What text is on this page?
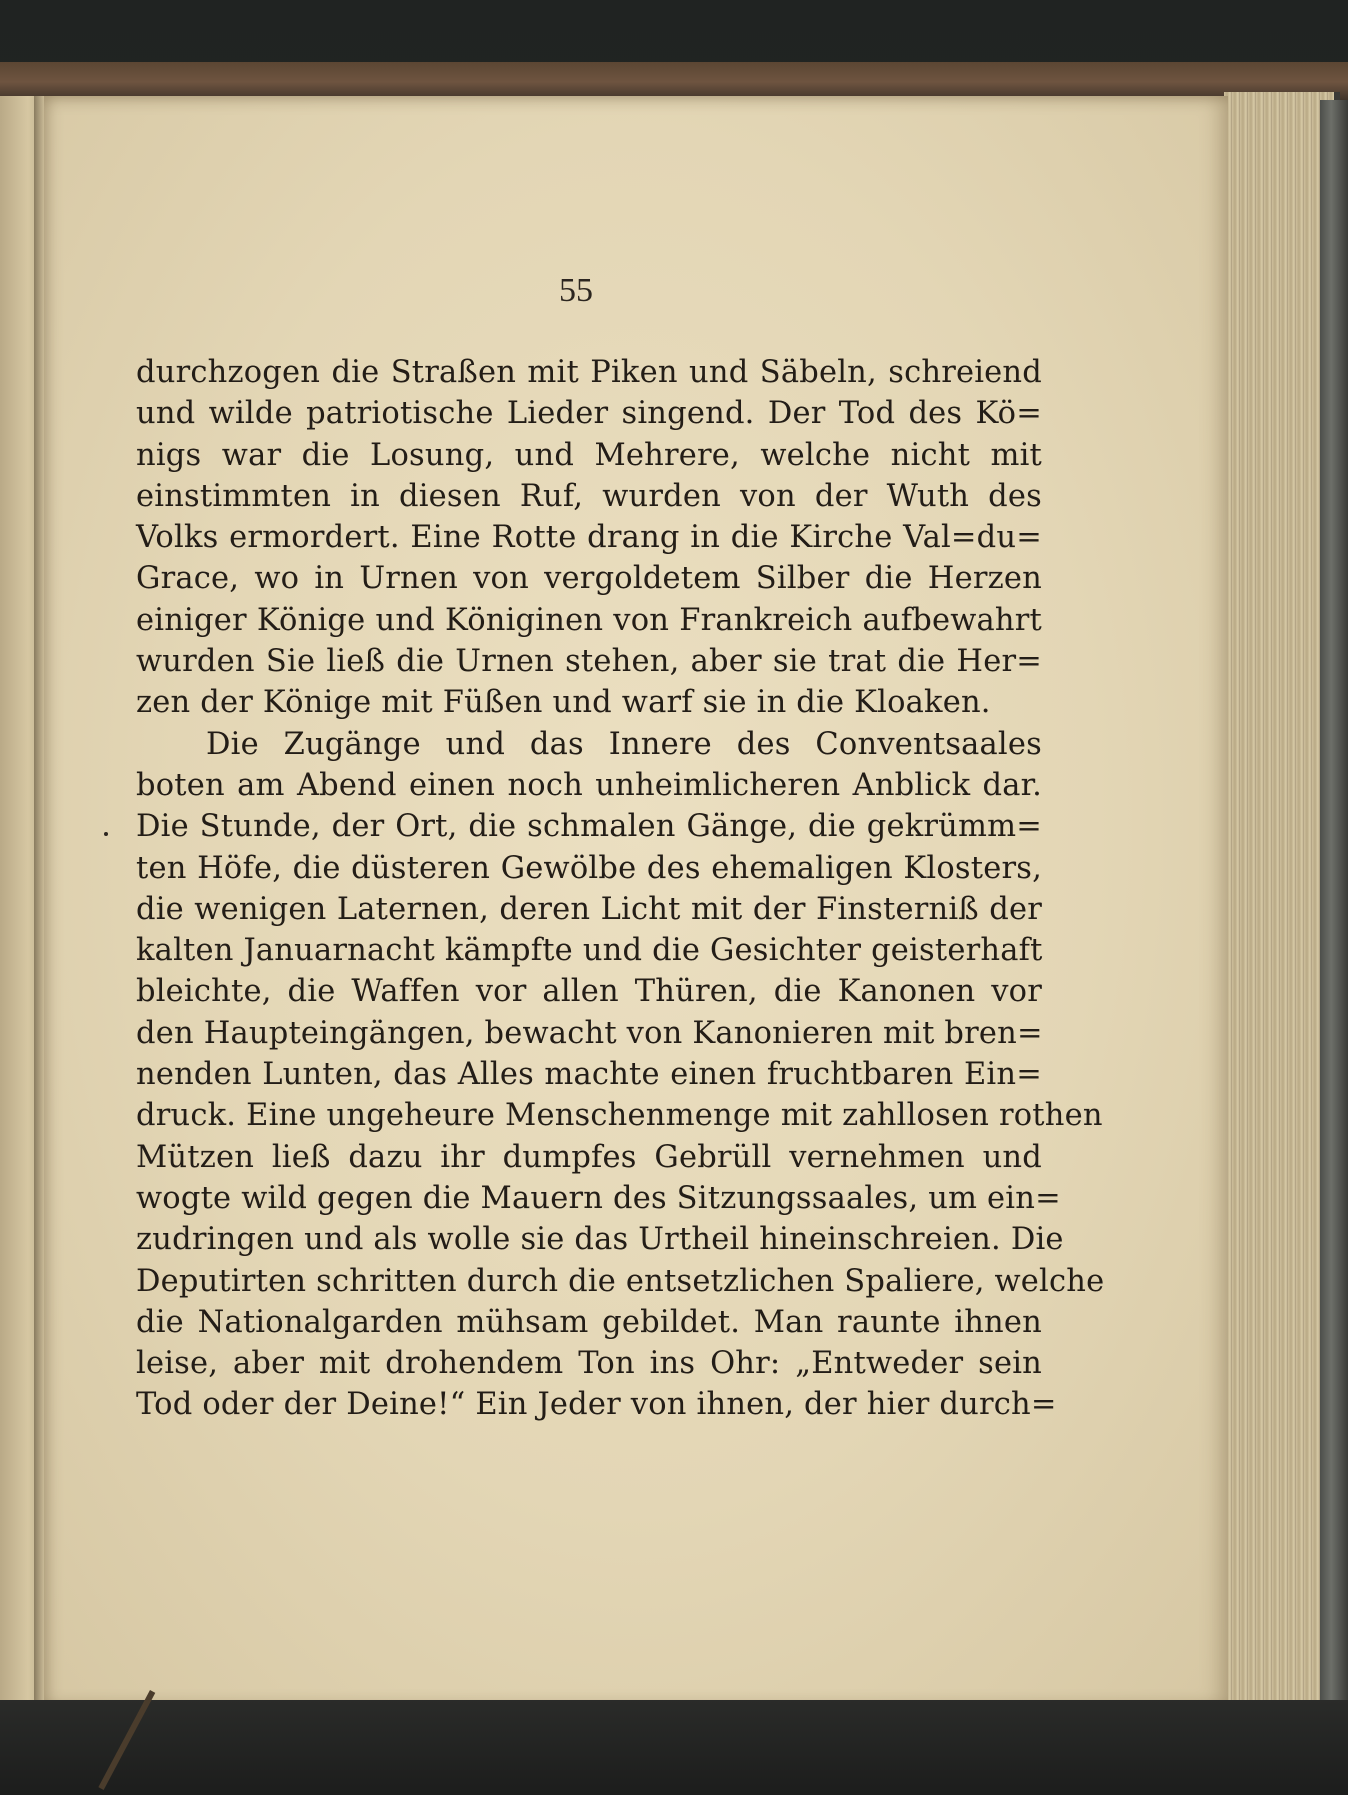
55
durchzogen die Straßen mit Piken und Säbeln, schreiend
und wilde patriotische Lieder singend. Der Tod des Kö=
nigs war die Losung, und Mehrere, welche nicht mit
einstimmten in diesen Ruf, wurden von der Wuth des
Volks ermordert. Eine Rotte drang in die Kirche Val=du=
Grace, wo in Urnen von vergoldetem Silber die Herzen
einiger Könige und Königinen von Frankreich aufbewahrt
wurden Sie ließ die Urnen stehen, aber sie trat die Her=
zen der Könige mit Füßen und warf sie in die Kloaken.
Die Zugänge und das Innere des Conventsaales
boten am Abend einen noch unheimlicheren Anblick dar.
Die Stunde, der Ort, die schmalen Gänge, die gekrümm=
ten Höfe, die düsteren Gewölbe des ehemaligen Klosters,
die wenigen Laternen, deren Licht mit der Finsterniß der
kalten Januarnacht kämpfte und die Gesichter geisterhaft
bleichte, die Waffen vor allen Thüren, die Kanonen vor
den Haupteingängen, bewacht von Kanonieren mit bren=
nenden Lunten, das Alles machte einen fruchtbaren Ein=
druck. Eine ungeheure Menschenmenge mit zahllosen rothen
Mützen ließ dazu ihr dumpfes Gebrüll vernehmen und
wogte wild gegen die Mauern des Sitzungssaales, um ein=
zudringen und als wolle sie das Urtheil hineinschreien. Die
Deputirten schritten durch die entsetzlichen Spaliere, welche
die Nationalgarden mühsam gebildet. Man raunte ihnen
leise, aber mit drohendem Ton ins Ohr: „Entweder sein
Tod oder der Deine!“ Ein Jeder von ihnen, der hier durch=
